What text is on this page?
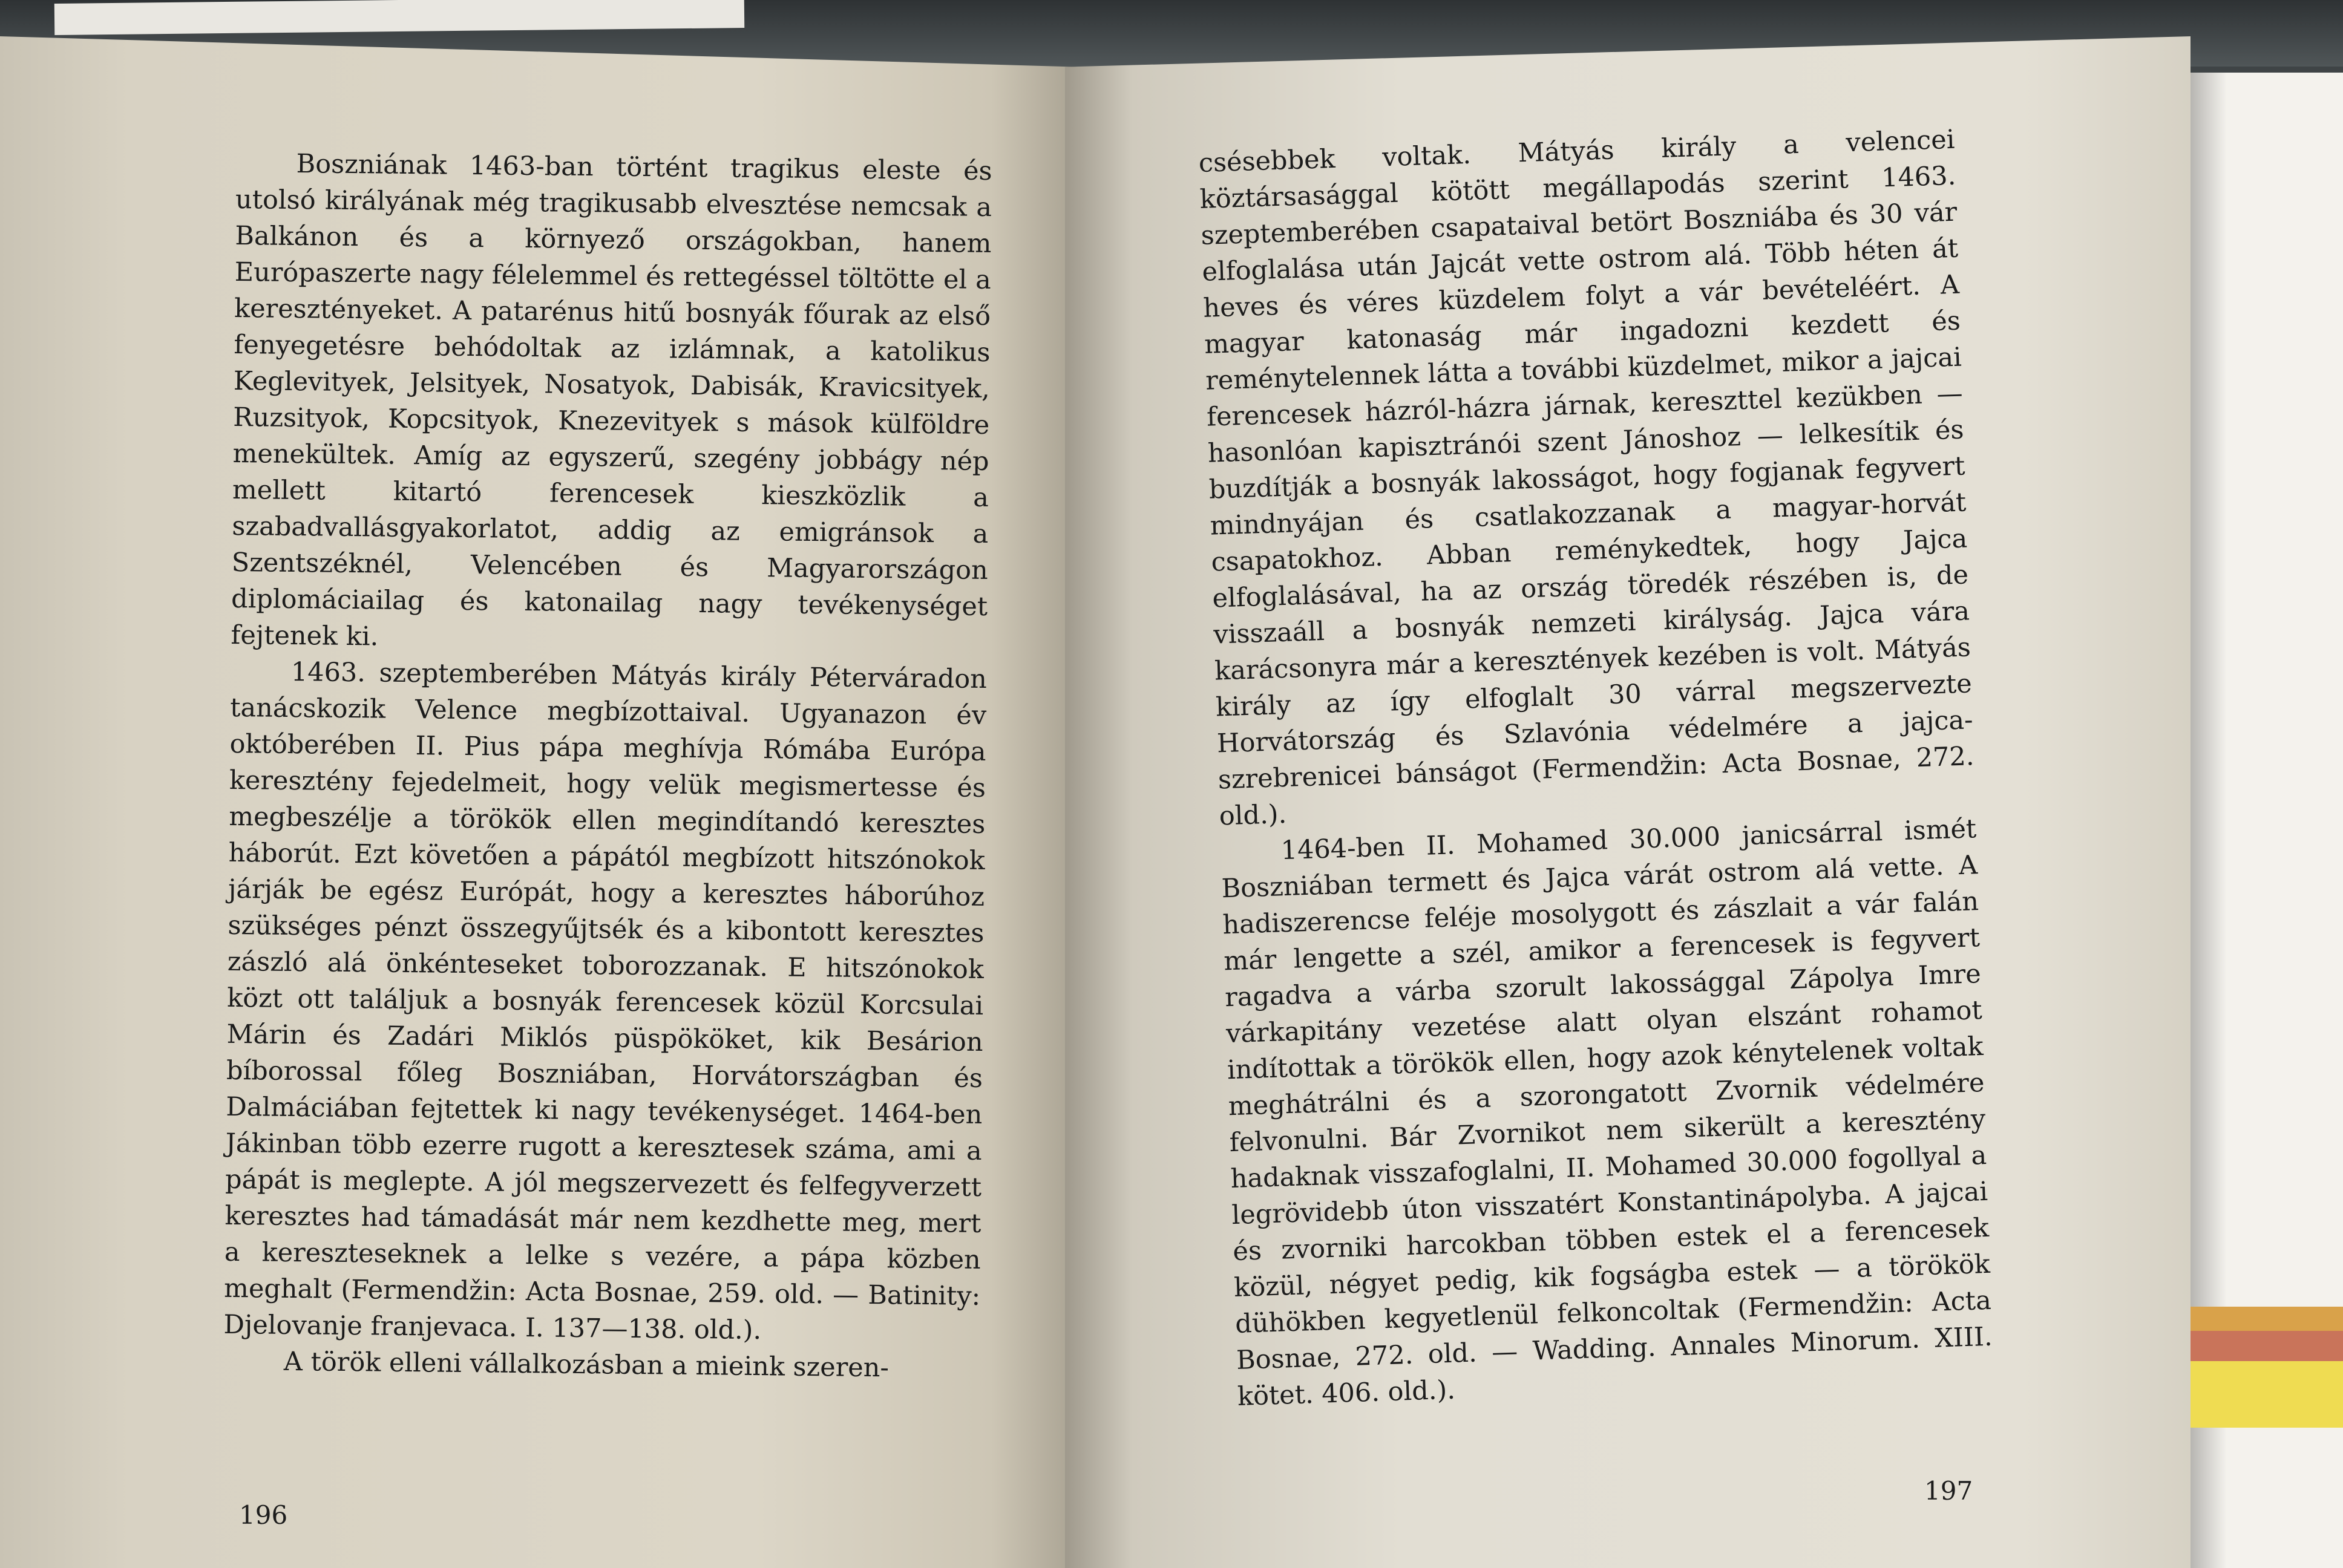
Boszniának 1463-ban történt tragikus eleste és utolsó királyának még tragikusabb elvesztése nemcsak a Balkánon és a környező országokban, hanem Európaszerte nagy félelemmel és rettegéssel töltötte el a keresztényeket. A patarénus hitű bosnyák főurak az első fenyegetésre behódoltak az izlámnak, a katolikus Keglevityek, Jelsityek, Nosatyok, Dabisák, Kravicsityek, Ruzsityok, Kopcsityok, Knezevityek s mások külföldre menekültek. Amíg az egyszerű, szegény jobbágy nép mellett kitartó ferencesek kieszközlik a szabadvallásgyakorlatot, addig az emigránsok a Szentszéknél, Velencében és Magyarországon diplomáciailag és katonailag nagy tevékenységet fejtenek ki.

1463. szeptemberében Mátyás király Péterváradon tanácskozik Velence megbízottaival. Ugyanazon év októberében II. Pius pápa meghívja Rómába Európa keresztény fejedelmeit, hogy velük megismertesse és megbeszélje a törökök ellen megindítandó keresztes háborút. Ezt követően a pápától megbízott hitszónokok járják be egész Európát, hogy a keresztes háborúhoz szükséges pénzt összegyűjtsék és a kibontott keresztes zászló alá önkénteseket toborozzanak. E hitszónokok közt ott találjuk a bosnyák ferencesek közül Korcsulai Márin és Zadári Miklós püspököket, kik Besárion bíborossal főleg Boszniában, Horvátországban és Dalmáciában fejtettek ki nagy tevékenységet. 1464-ben Jákinban több ezerre rugott a keresztesek száma, ami a pápát is meglepte. A jól megszervezett és felfegyverzett keresztes had támadását már nem kezdhette meg, mert a kereszteseknek a lelke s vezére, a pápa közben meghalt (Fermendžin: Acta Bosnae, 259. old. — Batinity: Djelovanje franjevaca. I. 137—138. old.).

A török elleni vállalkozásban a mieink szeren-

196

csésebbek voltak. Mátyás király a velencei köztársasággal kötött megállapodás szerint 1463. szeptemberében csapataival betört Boszniába és 30 vár elfoglalása után Jajcát vette ostrom alá. Több héten át heves és véres küzdelem folyt a vár bevételéért. A magyar katonaság már ingadozni kezdett és reménytelennek látta a további küzdelmet, mikor a jajcai ferencesek házról-házra járnak, kereszttel kezükben — hasonlóan kapisztránói szent Jánoshoz — lelkesítik és buzdítják a bosnyák lakosságot, hogy fogjanak fegyvert mindnyájan és csatlakozzanak a magyar-horvát csapatokhoz. Abban reménykedtek, hogy Jajca elfoglalásával, ha az ország töredék részében is, de visszaáll a bosnyák nemzeti királyság. Jajca vára karácsonyra már a keresztények kezében is volt. Mátyás király az így elfoglalt 30 várral megszervezte Horvátország és Szlavónia védelmére a jajca-szrebrenicei bánságot (Fermendžin: Acta Bosnae, 272. old.).

1464-ben II. Mohamed 30.000 janicsárral ismét Boszniában termett és Jajca várát ostrom alá vette. A hadiszerencse feléje mosolygott és zászlait a vár falán már lengette a szél, amikor a ferencesek is fegyvert ragadva a várba szorult lakossággal Zápolya Imre várkapitány vezetése alatt olyan elszánt rohamot indítottak a törökök ellen, hogy azok kénytelenek voltak meghátrálni és a szorongatott Zvornik védelmére felvonulni. Bár Zvornikot nem sikerült a keresztény hadaknak visszafoglalni, II. Mohamed 30.000 fogollyal a legrövidebb úton visszatért Konstantinápolyba. A jajcai és zvorniki harcokban többen estek el a ferencesek közül, négyet pedig, kik fogságba estek — a törökök dühökben kegyetlenül felkoncoltak (Fermendžin: Acta Bosnae, 272. old. — Wadding. Annales Minorum. XIII. kötet. 406. old.).

197
